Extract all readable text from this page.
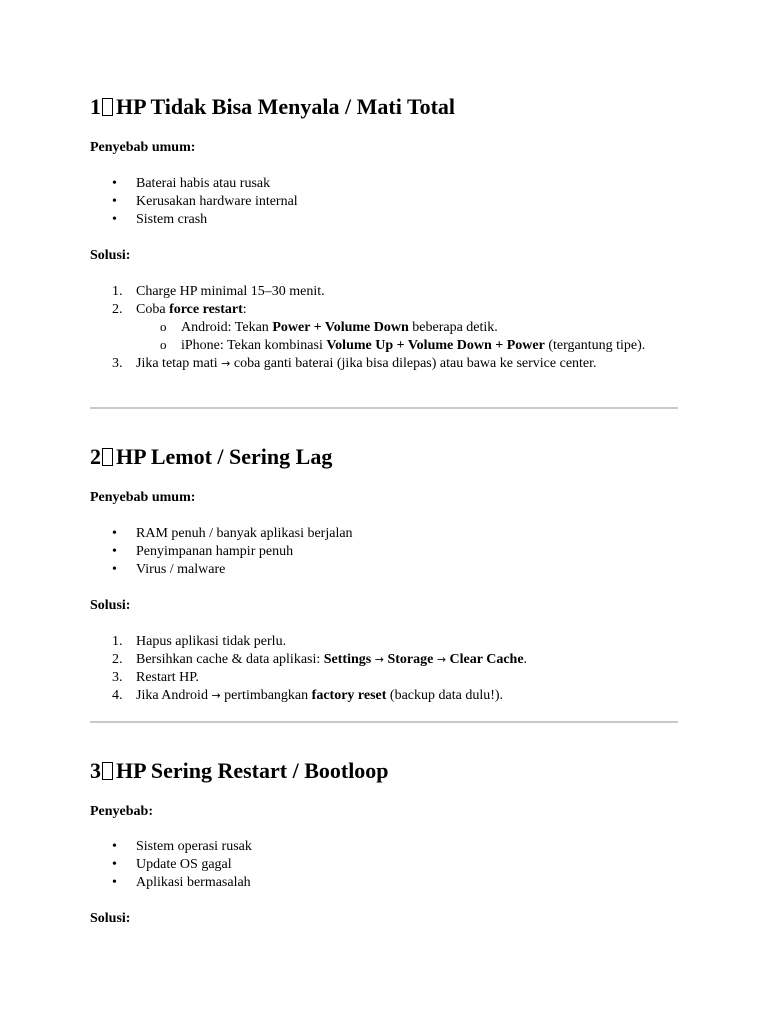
1 HP Tidak Bisa Menyala / Mati Total
Penyebab umum:
• Baterai habis atau rusak
• Kerusakan hardware internal
• Sistem crash
Solusi:
1. Charge HP minimal 15–30 menit.
2. Coba force restart:
o Android: Tekan Power + Volume Down beberapa detik.
o iPhone: Tekan kombinasi Volume Up + Volume Down + Power (tergantung tipe).
3. Jika tetap mati → coba ganti baterai (jika bisa dilepas) atau bawa ke service center.
2 HP Lemot / Sering Lag
Penyebab umum:
• RAM penuh / banyak aplikasi berjalan
• Penyimpanan hampir penuh
• Virus / malware
Solusi:
1. Hapus aplikasi tidak perlu.
2. Bersihkan cache & data aplikasi: Settings → Storage → Clear Cache.
3. Restart HP.
4. Jika Android → pertimbangkan factory reset (backup data dulu!).
3 HP Sering Restart / Bootloop
Penyebab:
• Sistem operasi rusak
• Update OS gagal
• Aplikasi bermasalah
Solusi:
